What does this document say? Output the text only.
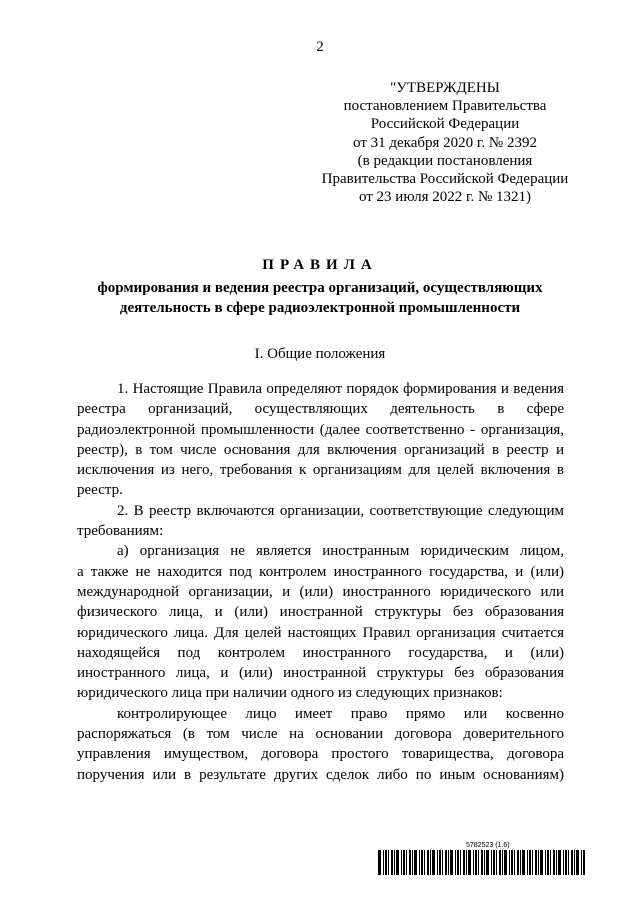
2
"УТВЕРЖДЕНЫ
постановлением Правительства
Российской Федерации
от 31 декабря 2020 г. № 2392
(в редакции постановления
Правительства Российской Федерации
от 23 июля 2022 г. № 1321)
ПРАВИЛА
формирования и ведения реестра организаций, осуществляющих
деятельность в сфере радиоэлектронной промышленности
I. Общие положения
1. Настоящие Правила определяют порядок формирования и ведения
реестра организаций, осуществляющих деятельность в сфере
радиоэлектронной промышленности (далее соответственно - организация,
реестр), в том числе основания для включения организаций в реестр и
исключения из него, требования к организациям для целей включения в
реестр.
2. В реестр включаются организации, соответствующие следующим
требованиям:
а) организация не является иностранным юридическим лицом,
а также не находится под контролем иностранного государства, и (или)
международной организации, и (или) иностранного юридического или
физического лица, и (или) иностранной структуры без образования
юридического лица. Для целей настоящих Правил организация считается
находящейся под контролем иностранного государства, и (или)
иностранного лица, и (или) иностранной структуры без образования
юридического лица при наличии одного из следующих признаков:
контролирующее лицо имеет право прямо или косвенно
распоряжаться (в том числе на основании договора доверительного
управления имуществом, договора простого товарищества, договора
поручения или в результате других сделок либо по иным основаниям)
5782523 (1.6)
